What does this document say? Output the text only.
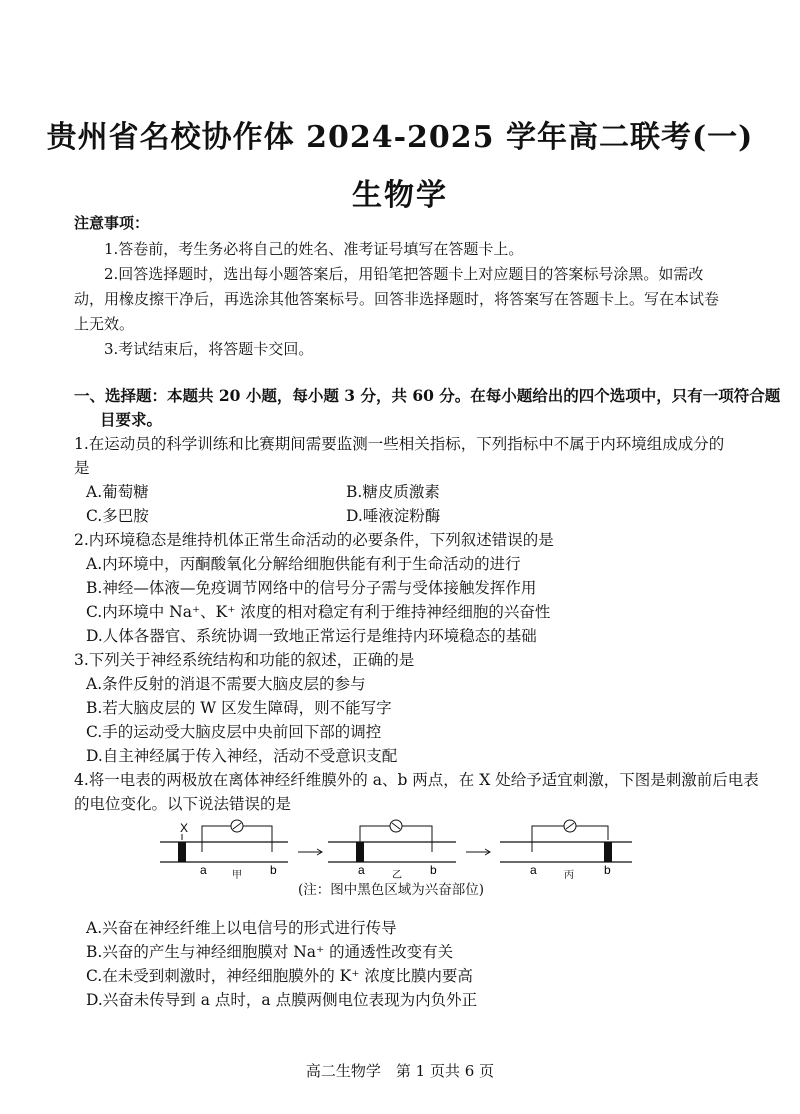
贵州省名校协作体 2024-2025 学年高二联考(一)
生物学
注意事项：
1.答卷前，考生务必将自己的姓名、准考证号填写在答题卡上。
2.回答选择题时，选出每小题答案后，用铅笔把答题卡上对应题目的答案标号涂黑。如需改
动，用橡皮擦干净后，再选涂其他答案标号。回答非选择题时，将答案写在答题卡上。写在本试卷
上无效。
3.考试结束后，将答题卡交回。
一、选择题：本题共 20 小题，每小题 3 分，共 60 分。在每小题给出的四个选项中，只有一项符合题
目要求。
1.在运动员的科学训练和比赛期间需要监测一些相关指标，下列指标中不属于内环境组成成分的
是
A.葡萄糖	B.糖皮质激素
C.多巴胺	D.唾液淀粉酶
2.内环境稳态是维持机体正常生命活动的必要条件，下列叙述错误的是
A.内环境中，丙酮酸氧化分解给细胞供能有利于生命活动的进行
B.神经—体液—免疫调节网络中的信号分子需与受体接触发挥作用
C.内环境中 Na⁺、K⁺ 浓度的相对稳定有利于维持神经细胞的兴奋性
D.人体各器官、系统协调一致地正常运行是维持内环境稳态的基础
3.下列关于神经系统结构和功能的叙述，正确的是
A.条件反射的消退不需要大脑皮层的参与
B.若大脑皮层的 W 区发生障碍，则不能写字
C.手的运动受大脑皮层中央前回下部的调控
D.自主神经属于传入神经，活动不受意识支配
4.将一电表的两极放在离体神经纤维膜外的 a、b 两点，在 X 处给予适宜刺激，下图是刺激前后电表
的电位变化。以下说法错误的是
X
a	甲 b	a	乙 b	a	丙	b
(注：图中黑色区域为兴奋部位)
A.兴奋在神经纤维上以电信号的形式进行传导
B.兴奋的产生与神经细胞膜对 Na⁺ 的通透性改变有关
C.在未受到刺激时，神经细胞膜外的 K⁺ 浓度比膜内要高
D.兴奋未传导到 a 点时，a 点膜两侧电位表现为内负外正
高二生物学　第 1 页共 6 页
